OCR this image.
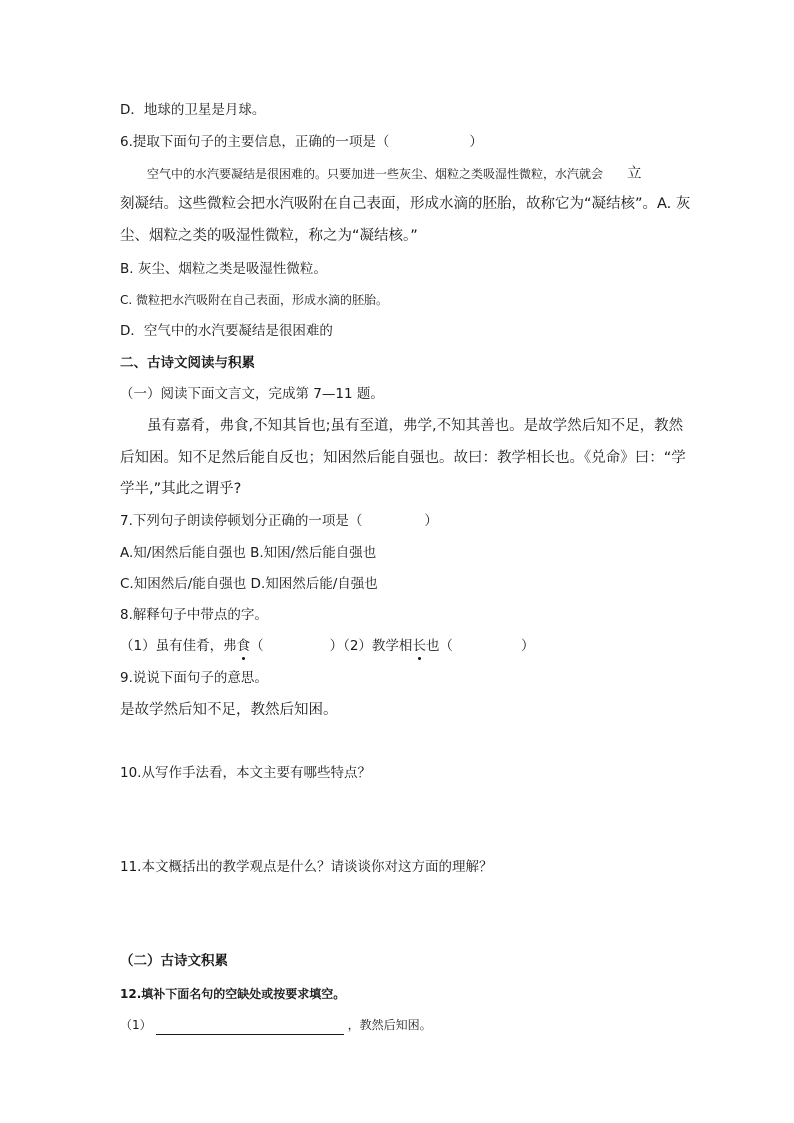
D．地球的卫星是月球。
6.提取下面句子的主要信息，正确的一项是（	）
空气中的水汽要凝结是很困难的。只要加进一些灰尘、烟粒之类吸湿性微粒，水汽就会 立
刻凝结。这些微粒会把水汽吸附在自己表面，形成水滴的胚胎，故称它为“凝结核”。A. 灰
尘、烟粒之类的吸湿性微粒，称之为“凝结核。”
B. 灰尘、烟粒之类是吸湿性微粒。
C. 微粒把水汽吸附在自己表面，形成水滴的胚胎。
D．空气中的水汽要凝结是很困难的
二、古诗文阅读与积累
（一）阅读下面文言文，完成第 7—11 题。
虽有嘉肴，弗食,不知其旨也;虽有至道，弗学,不知其善也。是故学然后知不足，教然
后知困。知不足然后能自反也；知困然后能自强也。故曰：教学相长也。《兑命》曰：“学
学半,”其此之谓乎?
7.下列句子朗读停顿划分正确的一项是（	）
A.知/困然后能自强也 B.知困/然后能自强也
C.知困然后/能自强也 D.知困然后能/自强也
8.解释句子中带点的字。
（1）虽有佳肴，弗食（	）（2）教学相长也（	）
9.说说下面句子的意思。
是故学然后知不足，教然后知困。
10.从写作手法看，本文主要有哪些特点？
11.本文概括出的教学观点是什么？请谈谈你对这方面的理解？
（二）古诗文积累
12.填补下面名句的空缺处或按要求填空。
（1）	，教然后知困。
